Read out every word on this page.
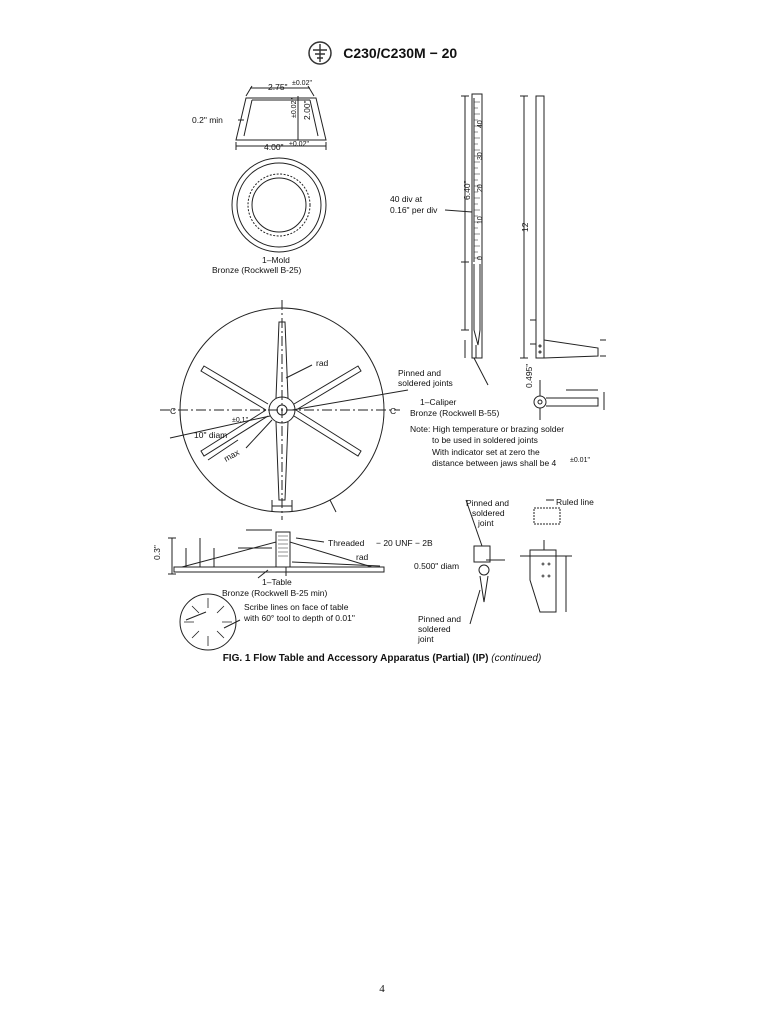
C230/C230M − 20
2.75" ±0.02"
0.2" min	2.00"
±0.02"
4.00" ±0.02"
1–Mold
Bronze (Rockwell B-25)
40 div at
0.16" per div
6.40"
40
30
20
10
0
12
Pinned and
soldered joints	0.495"
1–Caliper
Bronze (Rockwell B-55)
Note: High temperature or brazing solder
to be used in soldered joints
With indicator set at zero the
distance between jaws shall be 4 ±0.01"
C	C
rad
10" diam
±0.1"
max
0.3"
Threaded − 20 UNF − 2B
rad
0.500" diam
1–Table
Bronze (Rockwell B-25 min)
Scribe lines on face of table
with 60° tool to depth of 0.01"
Pinned and
soldered
joint
Ruled line
Pinned and
soldered
joint
FIG. 1 Flow Table and Accessory Apparatus (Partial) (IP) (continued)
4
